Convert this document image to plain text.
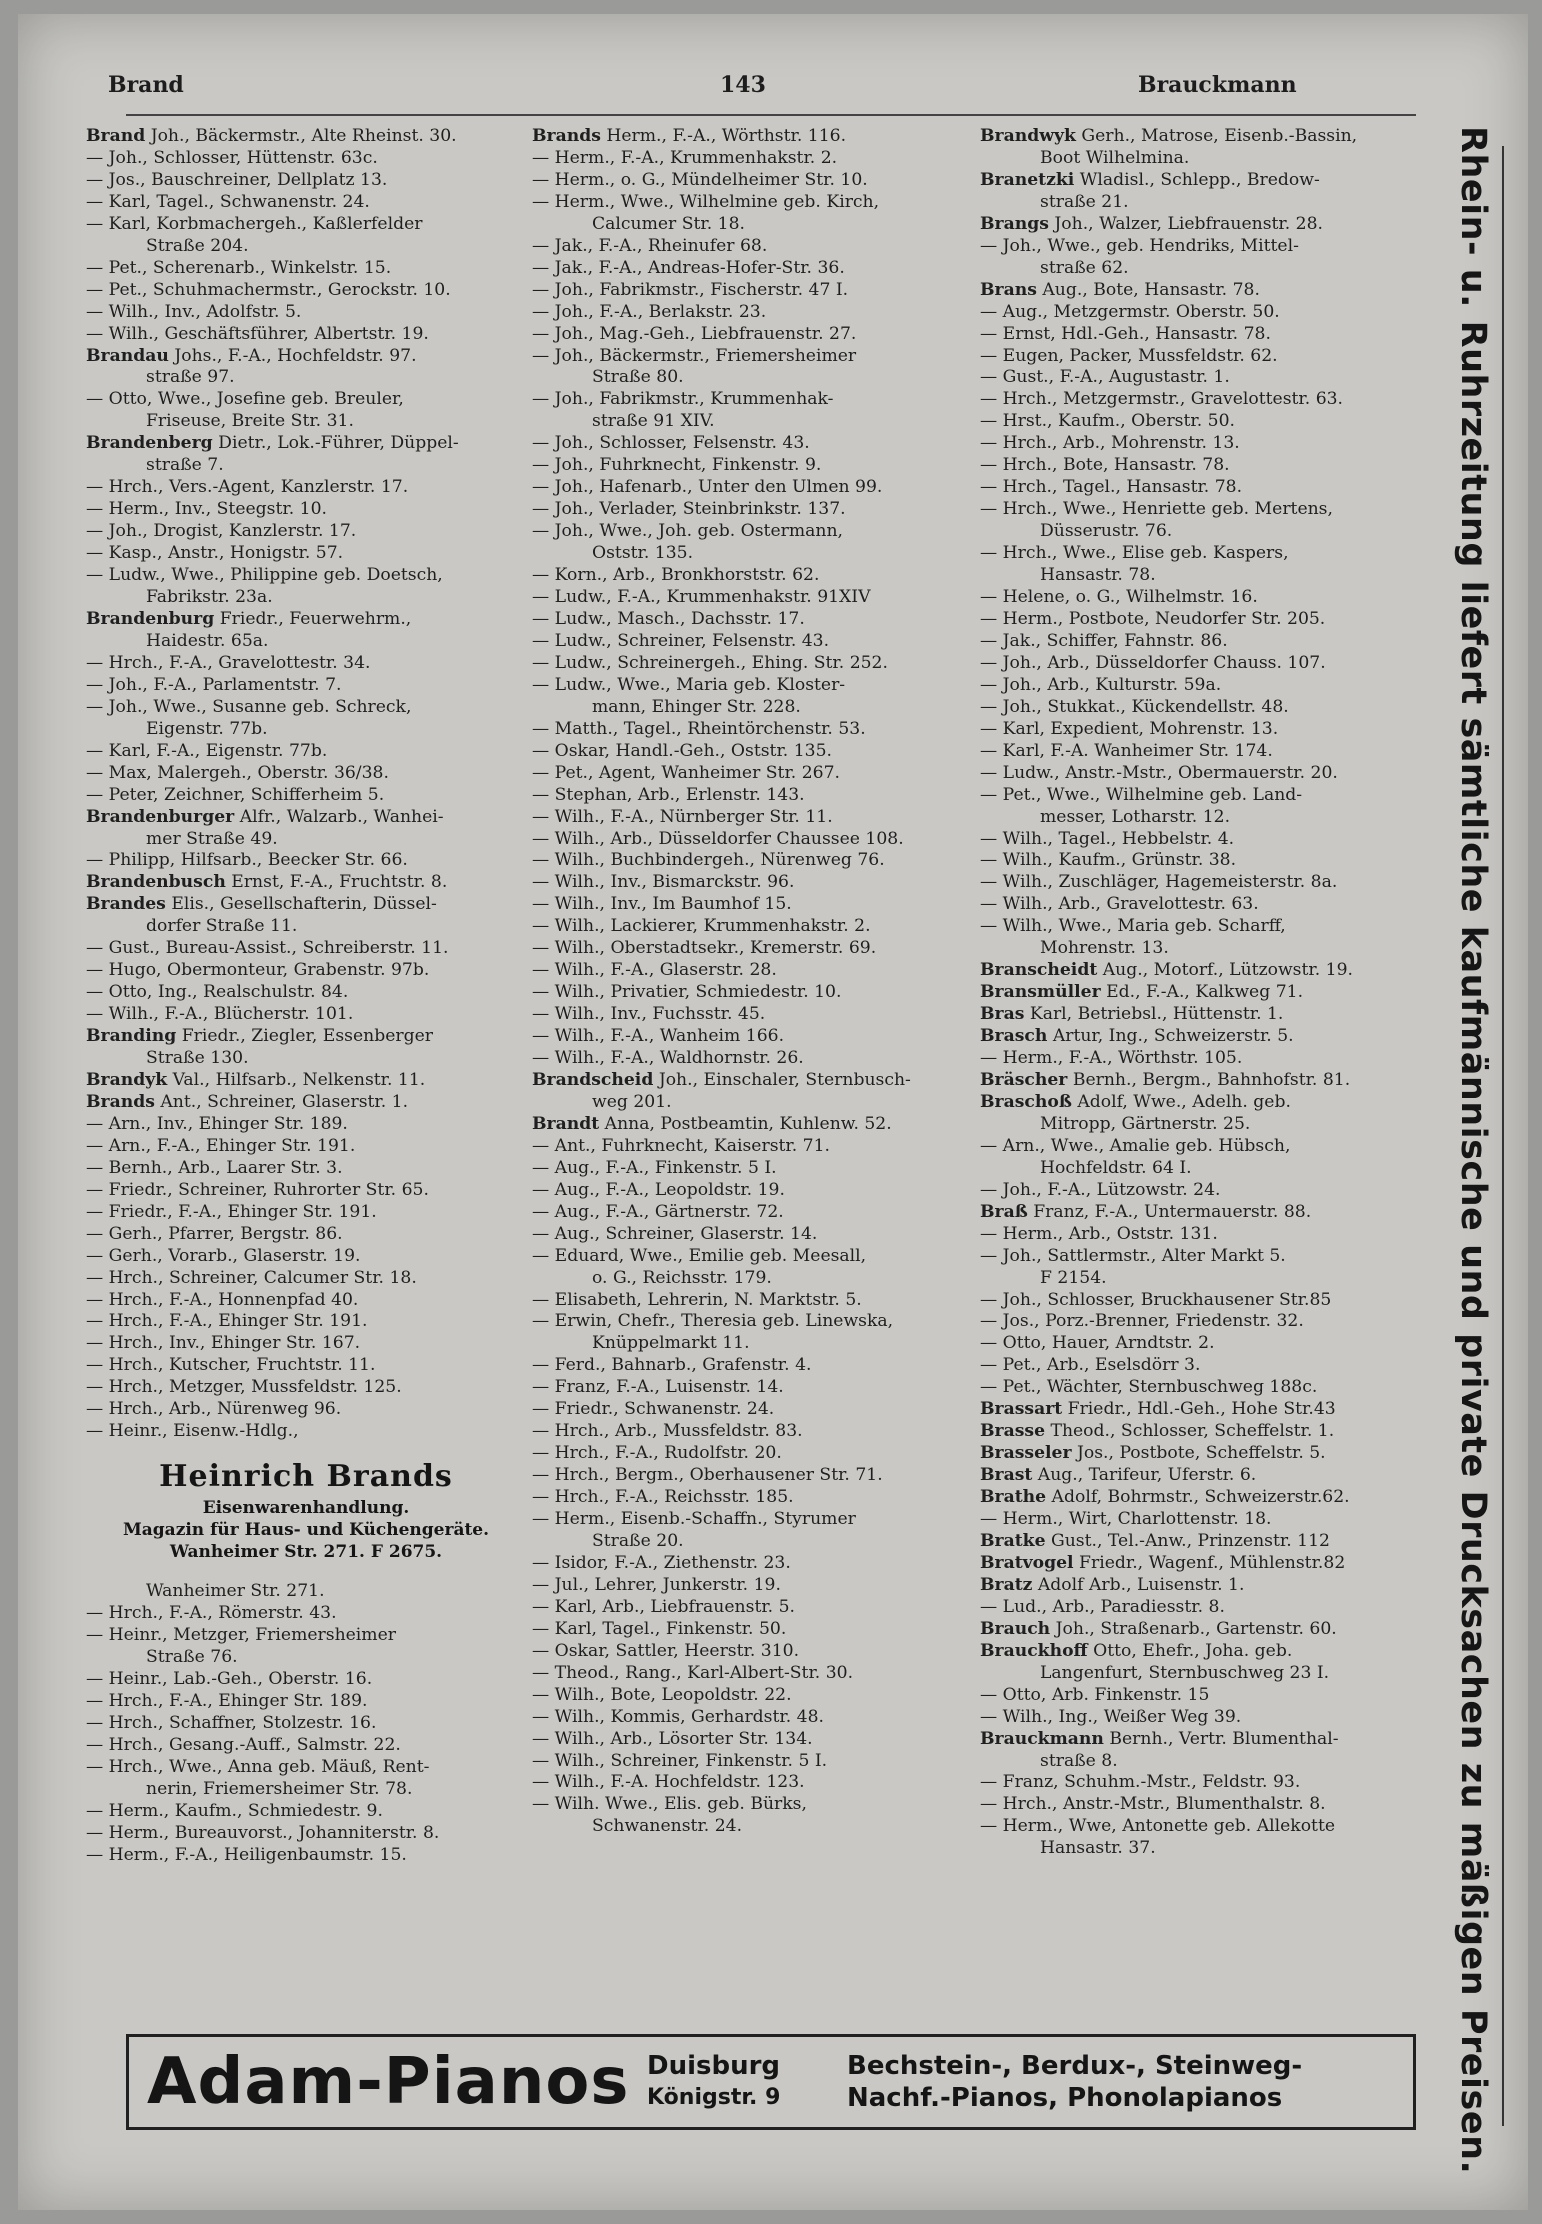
Brand	143	Brauckmann

Brand Joh., Bäckermstr., Alte Rheinst. 30.

— Joh., Schlosser, Hüttenstr. 63c.

— Jos., Bauschreiner, Dellplatz 13.

— Karl, Tagel., Schwanenstr. 24.

— Karl, Korbmachergeh., Kaßlerfelder

Straße 204.

— Pet., Scherenarb., Winkelstr. 15.

— Pet., Schuhmachermstr., Gerockstr. 10.

— Wilh., Inv., Adolfstr. 5.

— Wilh., Geschäftsführer, Albertstr. 19.

Brandau Johs., F.-A., Hochfeldstr. 97.

straße 97.

— Otto, Wwe., Josefine geb. Breuler,

Friseuse, Breite Str. 31.

Brandenberg Dietr., Lok.-Führer, Düppel-

straße 7.

— Hrch., Vers.-Agent, Kanzlerstr. 17.

— Herm., Inv., Steegstr. 10.

— Joh., Drogist, Kanzlerstr. 17.

— Kasp., Anstr., Honigstr. 57.

— Ludw., Wwe., Philippine geb. Doetsch,

Fabrikstr. 23a.

Brandenburg Friedr., Feuerwehrm.,

Haidestr. 65a.

— Hrch., F.-A., Gravelottestr. 34.

— Joh., F.-A., Parlamentstr. 7.

— Joh., Wwe., Susanne geb. Schreck,

Eigenstr. 77b.

— Karl, F.-A., Eigenstr. 77b.

— Max, Malergeh., Oberstr. 36/38.

— Peter, Zeichner, Schifferheim 5.

Brandenburger Alfr., Walzarb., Wanhei-

mer Straße 49.

— Philipp, Hilfsarb., Beecker Str. 66.

Brandenbusch Ernst, F.-A., Fruchtstr. 8.

Brandes Elis., Gesellschafterin, Düssel-

dorfer Straße 11.

— Gust., Bureau-Assist., Schreiberstr. 11.

— Hugo, Obermonteur, Grabenstr. 97b.

— Otto, Ing., Realschulstr. 84.

— Wilh., F.-A., Blücherstr. 101.

Branding Friedr., Ziegler, Essenberger

Straße 130.

Brandyk Val., Hilfsarb., Nelkenstr. 11.

Brands Ant., Schreiner, Glaserstr. 1.

— Arn., Inv., Ehinger Str. 189.

— Arn., F.-A., Ehinger Str. 191.

— Bernh., Arb., Laarer Str. 3.

— Friedr., Schreiner, Ruhrorter Str. 65.

— Friedr., F.-A., Ehinger Str. 191.

— Gerh., Pfarrer, Bergstr. 86.

— Gerh., Vorarb., Glaserstr. 19.

— Hrch., Schreiner, Calcumer Str. 18.

— Hrch., F.-A., Honnenpfad 40.

— Hrch., F.-A., Ehinger Str. 191.

— Hrch., Inv., Ehinger Str. 167.

— Hrch., Kutscher, Fruchtstr. 11.

— Hrch., Metzger, Mussfeldstr. 125.

— Hrch., Arb., Nürenweg 96.

— Heinr., Eisenw.-Hdlg.,

Heinrich Brands
Eisenwarenhandlung.
Magazin für Haus- und Küchengeräte.
Wanheimer Str. 271. F 2675.

Wanheimer Str. 271.

— Hrch., F.-A., Römerstr. 43.

— Heinr., Metzger, Friemersheimer

Straße 76.

— Heinr., Lab.-Geh., Oberstr. 16.

— Hrch., F.-A., Ehinger Str. 189.

— Hrch., Schaffner, Stolzestr. 16.

— Hrch., Gesang.-Auff., Salmstr. 22.

— Hrch., Wwe., Anna geb. Mäuß, Rent-

nerin, Friemersheimer Str. 78.

— Herm., Kaufm., Schmiedestr. 9.

— Herm., Bureauvorst., Johanniterstr. 8.

— Herm., F.-A., Heiligenbaumstr. 15.

Brands Herm., F.-A., Wörthstr. 116.

— Herm., F.-A., Krummenhakstr. 2.

— Herm., o. G., Mündelheimer Str. 10.

— Herm., Wwe., Wilhelmine geb. Kirch,

Calcumer Str. 18.

— Jak., F.-A., Rheinufer 68.

— Jak., F.-A., Andreas-Hofer-Str. 36.

— Joh., Fabrikmstr., Fischerstr. 47 I.

— Joh., F.-A., Berlakstr. 23.

— Joh., Mag.-Geh., Liebfrauenstr. 27.

— Joh., Bäckermstr., Friemersheimer

Straße 80.

— Joh., Fabrikmstr., Krummenhak-

straße 91 XIV.

— Joh., Schlosser, Felsenstr. 43.

— Joh., Fuhrknecht, Finkenstr. 9.

— Joh., Hafenarb., Unter den Ulmen 99.

— Joh., Verlader, Steinbrinkstr. 137.

— Joh., Wwe., Joh. geb. Ostermann,

Oststr. 135.

— Korn., Arb., Bronkhorststr. 62.

— Ludw., F.-A., Krummenhakstr. 91XIV

— Ludw., Masch., Dachsstr. 17.

— Ludw., Schreiner, Felsenstr. 43.

— Ludw., Schreinergeh., Ehing. Str. 252.

— Ludw., Wwe., Maria geb. Kloster-

mann, Ehinger Str. 228.

— Matth., Tagel., Rheintörchenstr. 53.

— Oskar, Handl.-Geh., Oststr. 135.

— Pet., Agent, Wanheimer Str. 267.

— Stephan, Arb., Erlenstr. 143.

— Wilh., F.-A., Nürnberger Str. 11.

— Wilh., Arb., Düsseldorfer Chaussee 108.

— Wilh., Buchbindergeh., Nürenweg 76.

— Wilh., Inv., Bismarckstr. 96.

— Wilh., Inv., Im Baumhof 15.

— Wilh., Lackierer, Krummenhakstr. 2.

— Wilh., Oberstadtsekr., Kremerstr. 69.

— Wilh., F.-A., Glaserstr. 28.

— Wilh., Privatier, Schmiedestr. 10.

— Wilh., Inv., Fuchsstr. 45.

— Wilh., F.-A., Wanheim 166.

— Wilh., F.-A., Waldhornstr. 26.

Brandscheid Joh., Einschaler, Sternbusch-

weg 201.

Brandt Anna, Postbeamtin, Kuhlenw. 52.

— Ant., Fuhrknecht, Kaiserstr. 71.

— Aug., F.-A., Finkenstr. 5 I.

— Aug., F.-A., Leopoldstr. 19.

— Aug., F.-A., Gärtnerstr. 72.

— Aug., Schreiner, Glaserstr. 14.

— Eduard, Wwe., Emilie geb. Meesall,

o. G., Reichsstr. 179.

— Elisabeth, Lehrerin, N. Marktstr. 5.

— Erwin, Chefr., Theresia geb. Linewska,

Knüppelmarkt 11.

— Ferd., Bahnarb., Grafenstr. 4.

— Franz, F.-A., Luisenstr. 14.

— Friedr., Schwanenstr. 24.

— Hrch., Arb., Mussfeldstr. 83.

— Hrch., F.-A., Rudolfstr. 20.

— Hrch., Bergm., Oberhausener Str. 71.

— Hrch., F.-A., Reichsstr. 185.

— Herm., Eisenb.-Schaffn., Styrumer

Straße 20.

— Isidor, F.-A., Ziethenstr. 23.

— Jul., Lehrer, Junkerstr. 19.

— Karl, Arb., Liebfrauenstr. 5.

— Karl, Tagel., Finkenstr. 50.

— Oskar, Sattler, Heerstr. 310.

— Theod., Rang., Karl-Albert-Str. 30.

— Wilh., Bote, Leopoldstr. 22.

— Wilh., Kommis, Gerhardstr. 48.

— Wilh., Arb., Lösorter Str. 134.

— Wilh., Schreiner, Finkenstr. 5 I.

— Wilh., F.-A. Hochfeldstr. 123.

— Wilh. Wwe., Elis. geb. Bürks,

Schwanenstr. 24.

Brandwyk Gerh., Matrose, Eisenb.-Bassin,

Boot Wilhelmina.

Branetzki Wladisl., Schlepp., Bredow-

straße 21.

Brangs Joh., Walzer, Liebfrauenstr. 28.

— Joh., Wwe., geb. Hendriks, Mittel-

straße 62.

Brans Aug., Bote, Hansastr. 78.

— Aug., Metzgermstr. Oberstr. 50.

— Ernst, Hdl.-Geh., Hansastr. 78.

— Eugen, Packer, Mussfeldstr. 62.

— Gust., F.-A., Augustastr. 1.

— Hrch., Metzgermstr., Gravelottestr. 63.

— Hrst., Kaufm., Oberstr. 50.

— Hrch., Arb., Mohrenstr. 13.

— Hrch., Bote, Hansastr. 78.

— Hrch., Tagel., Hansastr. 78.

— Hrch., Wwe., Henriette geb. Mertens,

Düsserustr. 76.

— Hrch., Wwe., Elise geb. Kaspers,

Hansastr. 78.

— Helene, o. G., Wilhelmstr. 16.

— Herm., Postbote, Neudorfer Str. 205.

— Jak., Schiffer, Fahnstr. 86.

— Joh., Arb., Düsseldorfer Chauss. 107.

— Joh., Arb., Kulturstr. 59a.

— Joh., Stukkat., Kückendellstr. 48.

— Karl, Expedient, Mohrenstr. 13.

— Karl, F.-A. Wanheimer Str. 174.

— Ludw., Anstr.-Mstr., Obermauerstr. 20.

— Pet., Wwe., Wilhelmine geb. Land-

messer, Lotharstr. 12.

— Wilh., Tagel., Hebbelstr. 4.

— Wilh., Kaufm., Grünstr. 38.

— Wilh., Zuschläger, Hagemeisterstr. 8a.

— Wilh., Arb., Gravelottestr. 63.

— Wilh., Wwe., Maria geb. Scharff,

Mohrenstr. 13.

Branscheidt Aug., Motorf., Lützowstr. 19.

Bransmüller Ed., F.-A., Kalkweg 71.

Bras Karl, Betriebsl., Hüttenstr. 1.

Brasch Artur, Ing., Schweizerstr. 5.

— Herm., F.-A., Wörthstr. 105.

Bräscher Bernh., Bergm., Bahnhofstr. 81.

Braschoß Adolf, Wwe., Adelh. geb.

Mitropp, Gärtnerstr. 25.

— Arn., Wwe., Amalie geb. Hübsch,

Hochfeldstr. 64 I.

— Joh., F.-A., Lützowstr. 24.

Braß Franz, F.-A., Untermauerstr. 88.

— Herm., Arb., Oststr. 131.

— Joh., Sattlermstr., Alter Markt 5.

F 2154.

— Joh., Schlosser, Bruckhausener Str.85

— Jos., Porz.-Brenner, Friedenstr. 32.

— Otto, Hauer, Arndtstr. 2.

— Pet., Arb., Eselsdörr 3.

— Pet., Wächter, Sternbuschweg 188c.

Brassart Friedr., Hdl.-Geh., Hohe Str.43

Brasse Theod., Schlosser, Scheffelstr. 1.

Brasseler Jos., Postbote, Scheffelstr. 5.

Brast Aug., Tarifeur, Uferstr. 6.

Brathe Adolf, Bohrmstr., Schweizerstr.62.

— Herm., Wirt, Charlottenstr. 18.

Bratke Gust., Tel.-Anw., Prinzenstr. 112

Bratvogel Friedr., Wagenf., Mühlenstr.82

Bratz Adolf Arb., Luisenstr. 1.

— Lud., Arb., Paradiesstr. 8.

Brauch Joh., Straßenarb., Gartenstr. 60.

Brauckhoff Otto, Ehefr., Joha. geb.

Langenfurt, Sternbuschweg 23 I.

— Otto, Arb. Finkenstr. 15

— Wilh., Ing., Weißer Weg 39.

Brauckmann Bernh., Vertr. Blumenthal-

straße 8.

— Franz, Schuhm.-Mstr., Feldstr. 93.

— Hrch., Anstr.-Mstr., Blumenthalstr. 8.

— Herm., Wwe, Antonette geb. Allekotte

Hansastr. 37.	Rhein- u. Ruhrzeitung liefert sämtliche kaufmännische und private Drucksachen zu mäßigen Preisen.
Adam-Pianos Duisburg
Königstr. 9
Bechstein-, Berdux-, Steinweg-
Nachf.-Pianos, Phonolapianos
